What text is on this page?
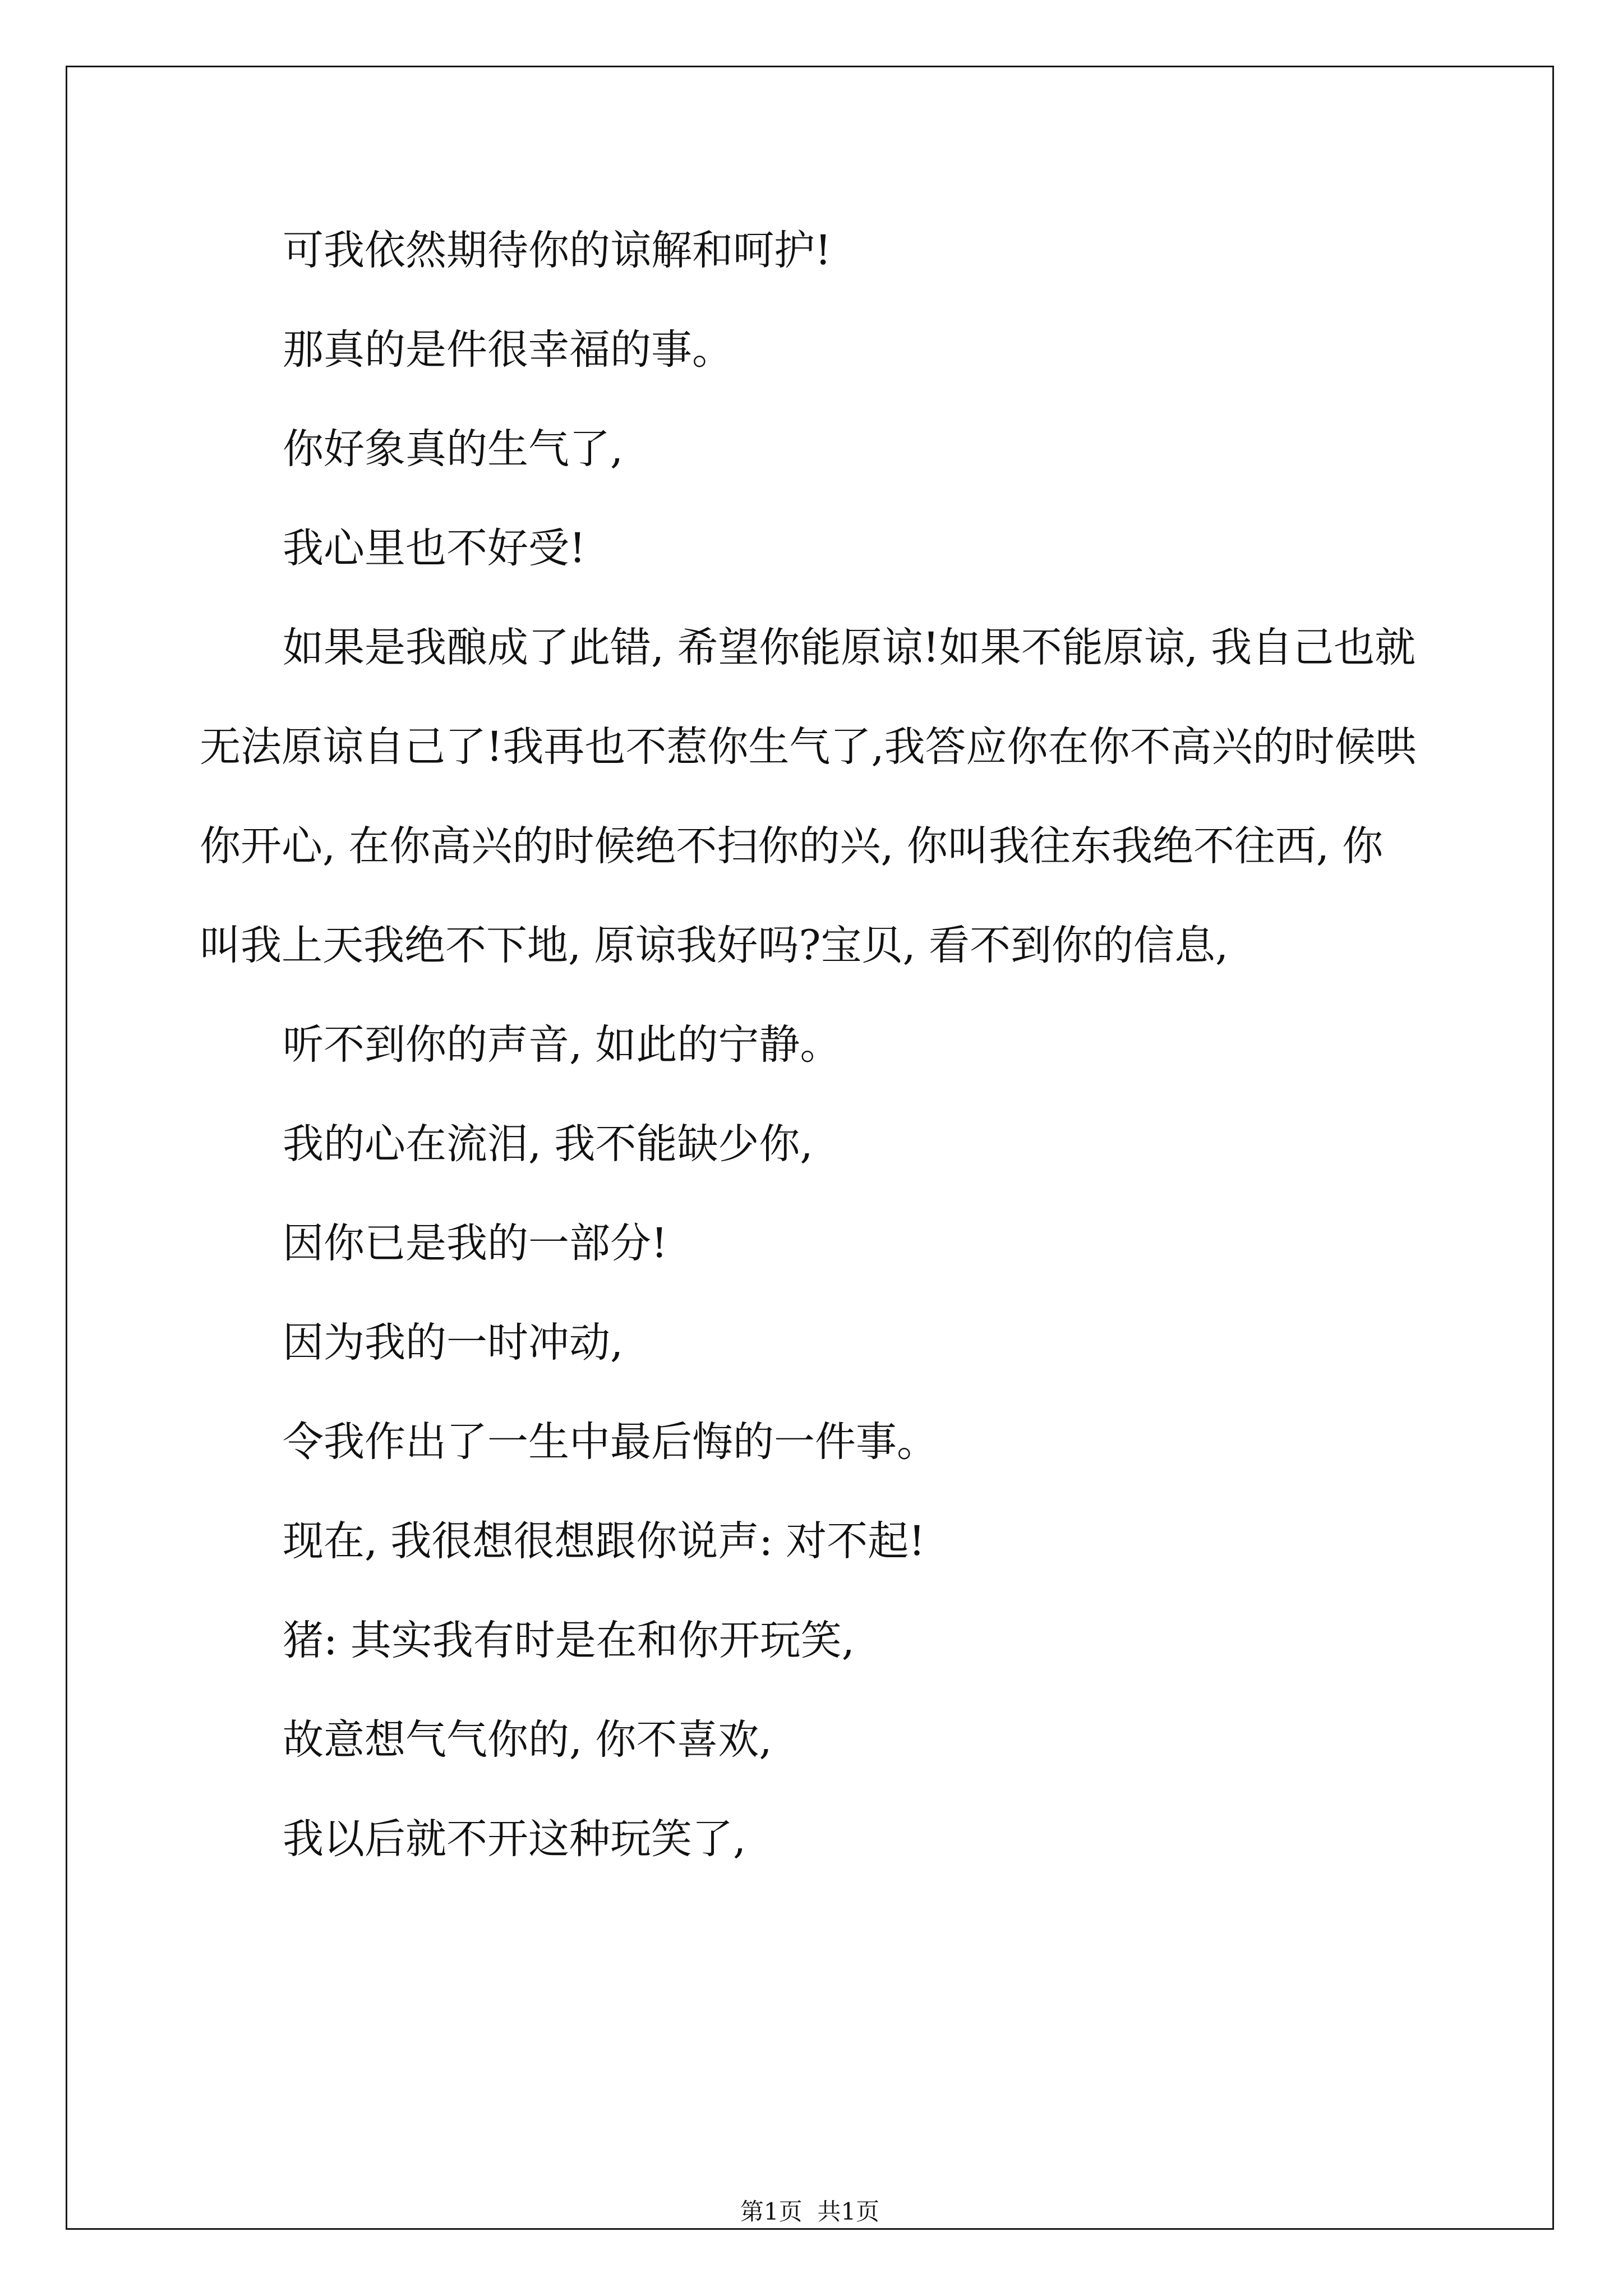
可我依然期待你的谅解和呵护!
那真的是件很幸福的事。
你好象真的生气了,
我心里也不好受!
如果是我酿成了此错, 希望你能原谅!如果不能原谅, 我自己也就
无法原谅自己了!我再也不惹你生气了,我答应你在你不高兴的时候哄
你开心, 在你高兴的时候绝不扫你的兴, 你叫我往东我绝不往西, 你
叫我上天我绝不下地, 原谅我好吗?宝贝, 看不到你的信息,
听不到你的声音, 如此的宁静。
我的心在流泪, 我不能缺少你,
因你已是我的一部分!
因为我的一时冲动,
令我作出了一生中最后悔的一件事。
现在, 我很想很想跟你说声: 对不起!
猪: 其实我有时是在和你开玩笑,
故意想气气你的, 你不喜欢,
我以后就不开这种玩笑了,
第1页  共1页
